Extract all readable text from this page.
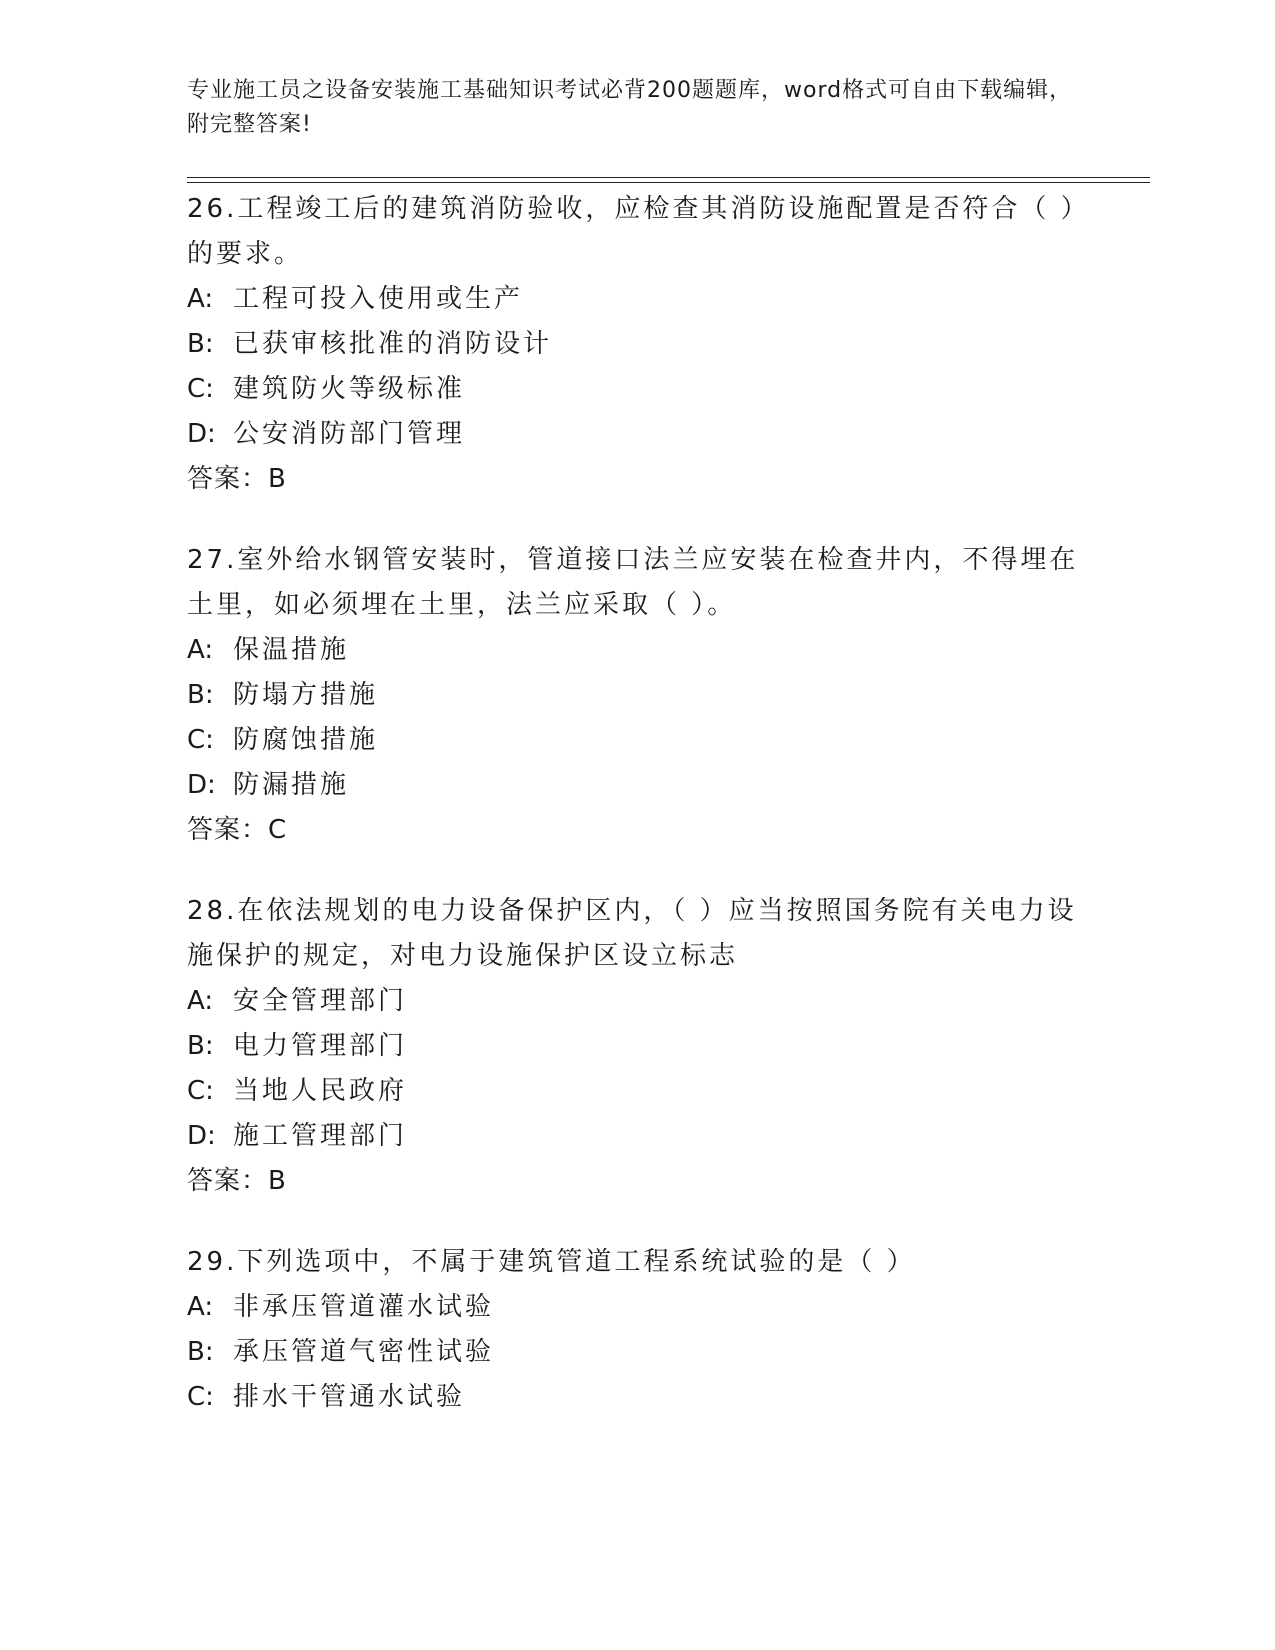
专业施工员之设备安装施工基础知识考试必背200题题库，word格式可自由下载编辑，附完整答案!
26.工程竣工后的建筑消防验收，应检查其消防设施配置是否符合（ ）的要求。
A: 工程可投入使用或生产
B: 已获审核批准的消防设计
C: 建筑防火等级标准
D: 公安消防部门管理
答案：B
27.室外给水钢管安装时，管道接口法兰应安装在检查井内，不得埋在土里，如必须埋在土里，法兰应采取（ ）。
A: 保温措施
B: 防塌方措施
C: 防腐蚀措施
D: 防漏措施
答案：C
28.在依法规划的电力设备保护区内，（ ）应当按照国务院有关电力设施保护的规定，对电力设施保护区设立标志
A: 安全管理部门
B: 电力管理部门
C: 当地人民政府
D: 施工管理部门
答案：B
29.下列选项中，不属于建筑管道工程系统试验的是（ ）
A: 非承压管道灌水试验
B: 承压管道气密性试验
C: 排水干管通水试验
